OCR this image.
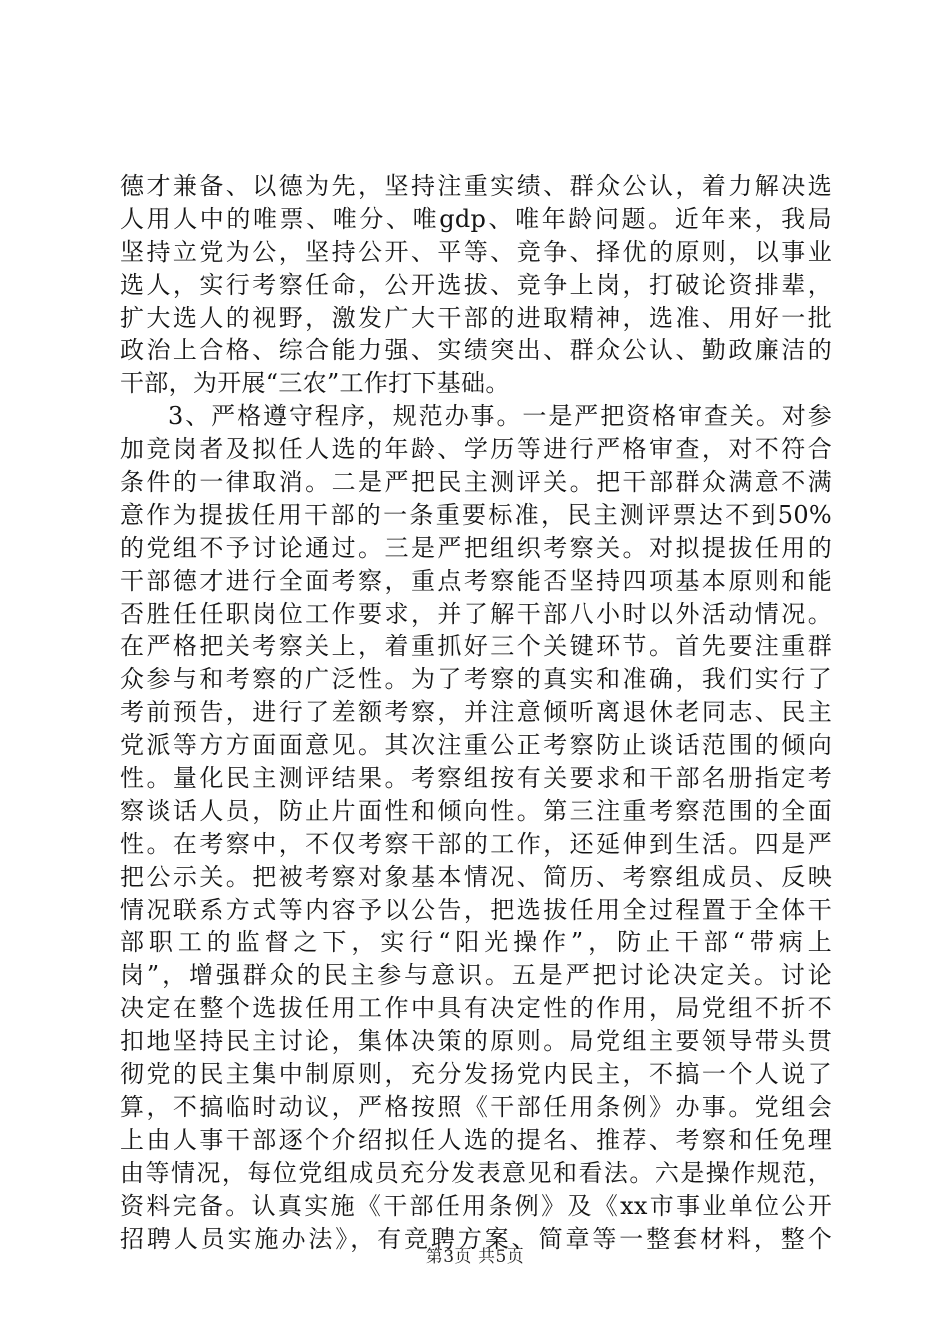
德才兼备、以德为先，坚持注重实绩、群众公认，着力解决选
人用人中的唯票、唯分、唯gdp、唯年龄问题。近年来，我局
坚持立党为公，坚持公开、平等、竞争、择优的原则，以事业
选人，实行考察任命，公开选拔、竞争上岗，打破论资排辈，
扩大选人的视野，激发广大干部的进取精神，选准、用好一批
政治上合格、综合能力强、实绩突出、群众公认、勤政廉洁的
干部，为开展“三农”工作打下基础。
3、严格遵守程序，规范办事。一是严把资格审查关。对参
加竞岗者及拟任人选的年龄、学历等进行严格审查，对不符合
条件的一律取消。二是严把民主测评关。把干部群众满意不满
意作为提拔任用干部的一条重要标准，民主测评票达不到50%
的党组不予讨论通过。三是严把组织考察关。对拟提拔任用的
干部德才进行全面考察，重点考察能否坚持四项基本原则和能
否胜任任职岗位工作要求，并了解干部八小时以外活动情况。
在严格把关考察关上，着重抓好三个关键环节。首先要注重群
众参与和考察的广泛性。为了考察的真实和准确，我们实行了
考前预告，进行了差额考察，并注意倾听离退休老同志、民主
党派等方方面面意见。其次注重公正考察防止谈话范围的倾向
性。量化民主测评结果。考察组按有关要求和干部名册指定考
察谈话人员，防止片面性和倾向性。第三注重考察范围的全面
性。在考察中，不仅考察干部的工作，还延伸到生活。四是严
把公示关。把被考察对象基本情况、简历、考察组成员、反映
情况联系方式等内容予以公告，把选拔任用全过程置于全体干
部职工的监督之下，实行“阳光操作”，防止干部“带病上
岗”，增强群众的民主参与意识。五是严把讨论决定关。讨论
决定在整个选拔任用工作中具有决定性的作用，局党组不折不
扣地坚持民主讨论，集体决策的原则。局党组主要领导带头贯
彻党的民主集中制原则，充分发扬党内民主，不搞一个人说了
算，不搞临时动议，严格按照《干部任用条例》办事。党组会
上由人事干部逐个介绍拟任人选的提名、推荐、考察和任免理
由等情况，每位党组成员充分发表意见和看法。六是操作规范，
资料完备。认真实施《干部任用条例》及《xx市事业单位公开
招聘人员实施办法》，有竞聘方案、简章等一整套材料，整个
第3页 共5页
